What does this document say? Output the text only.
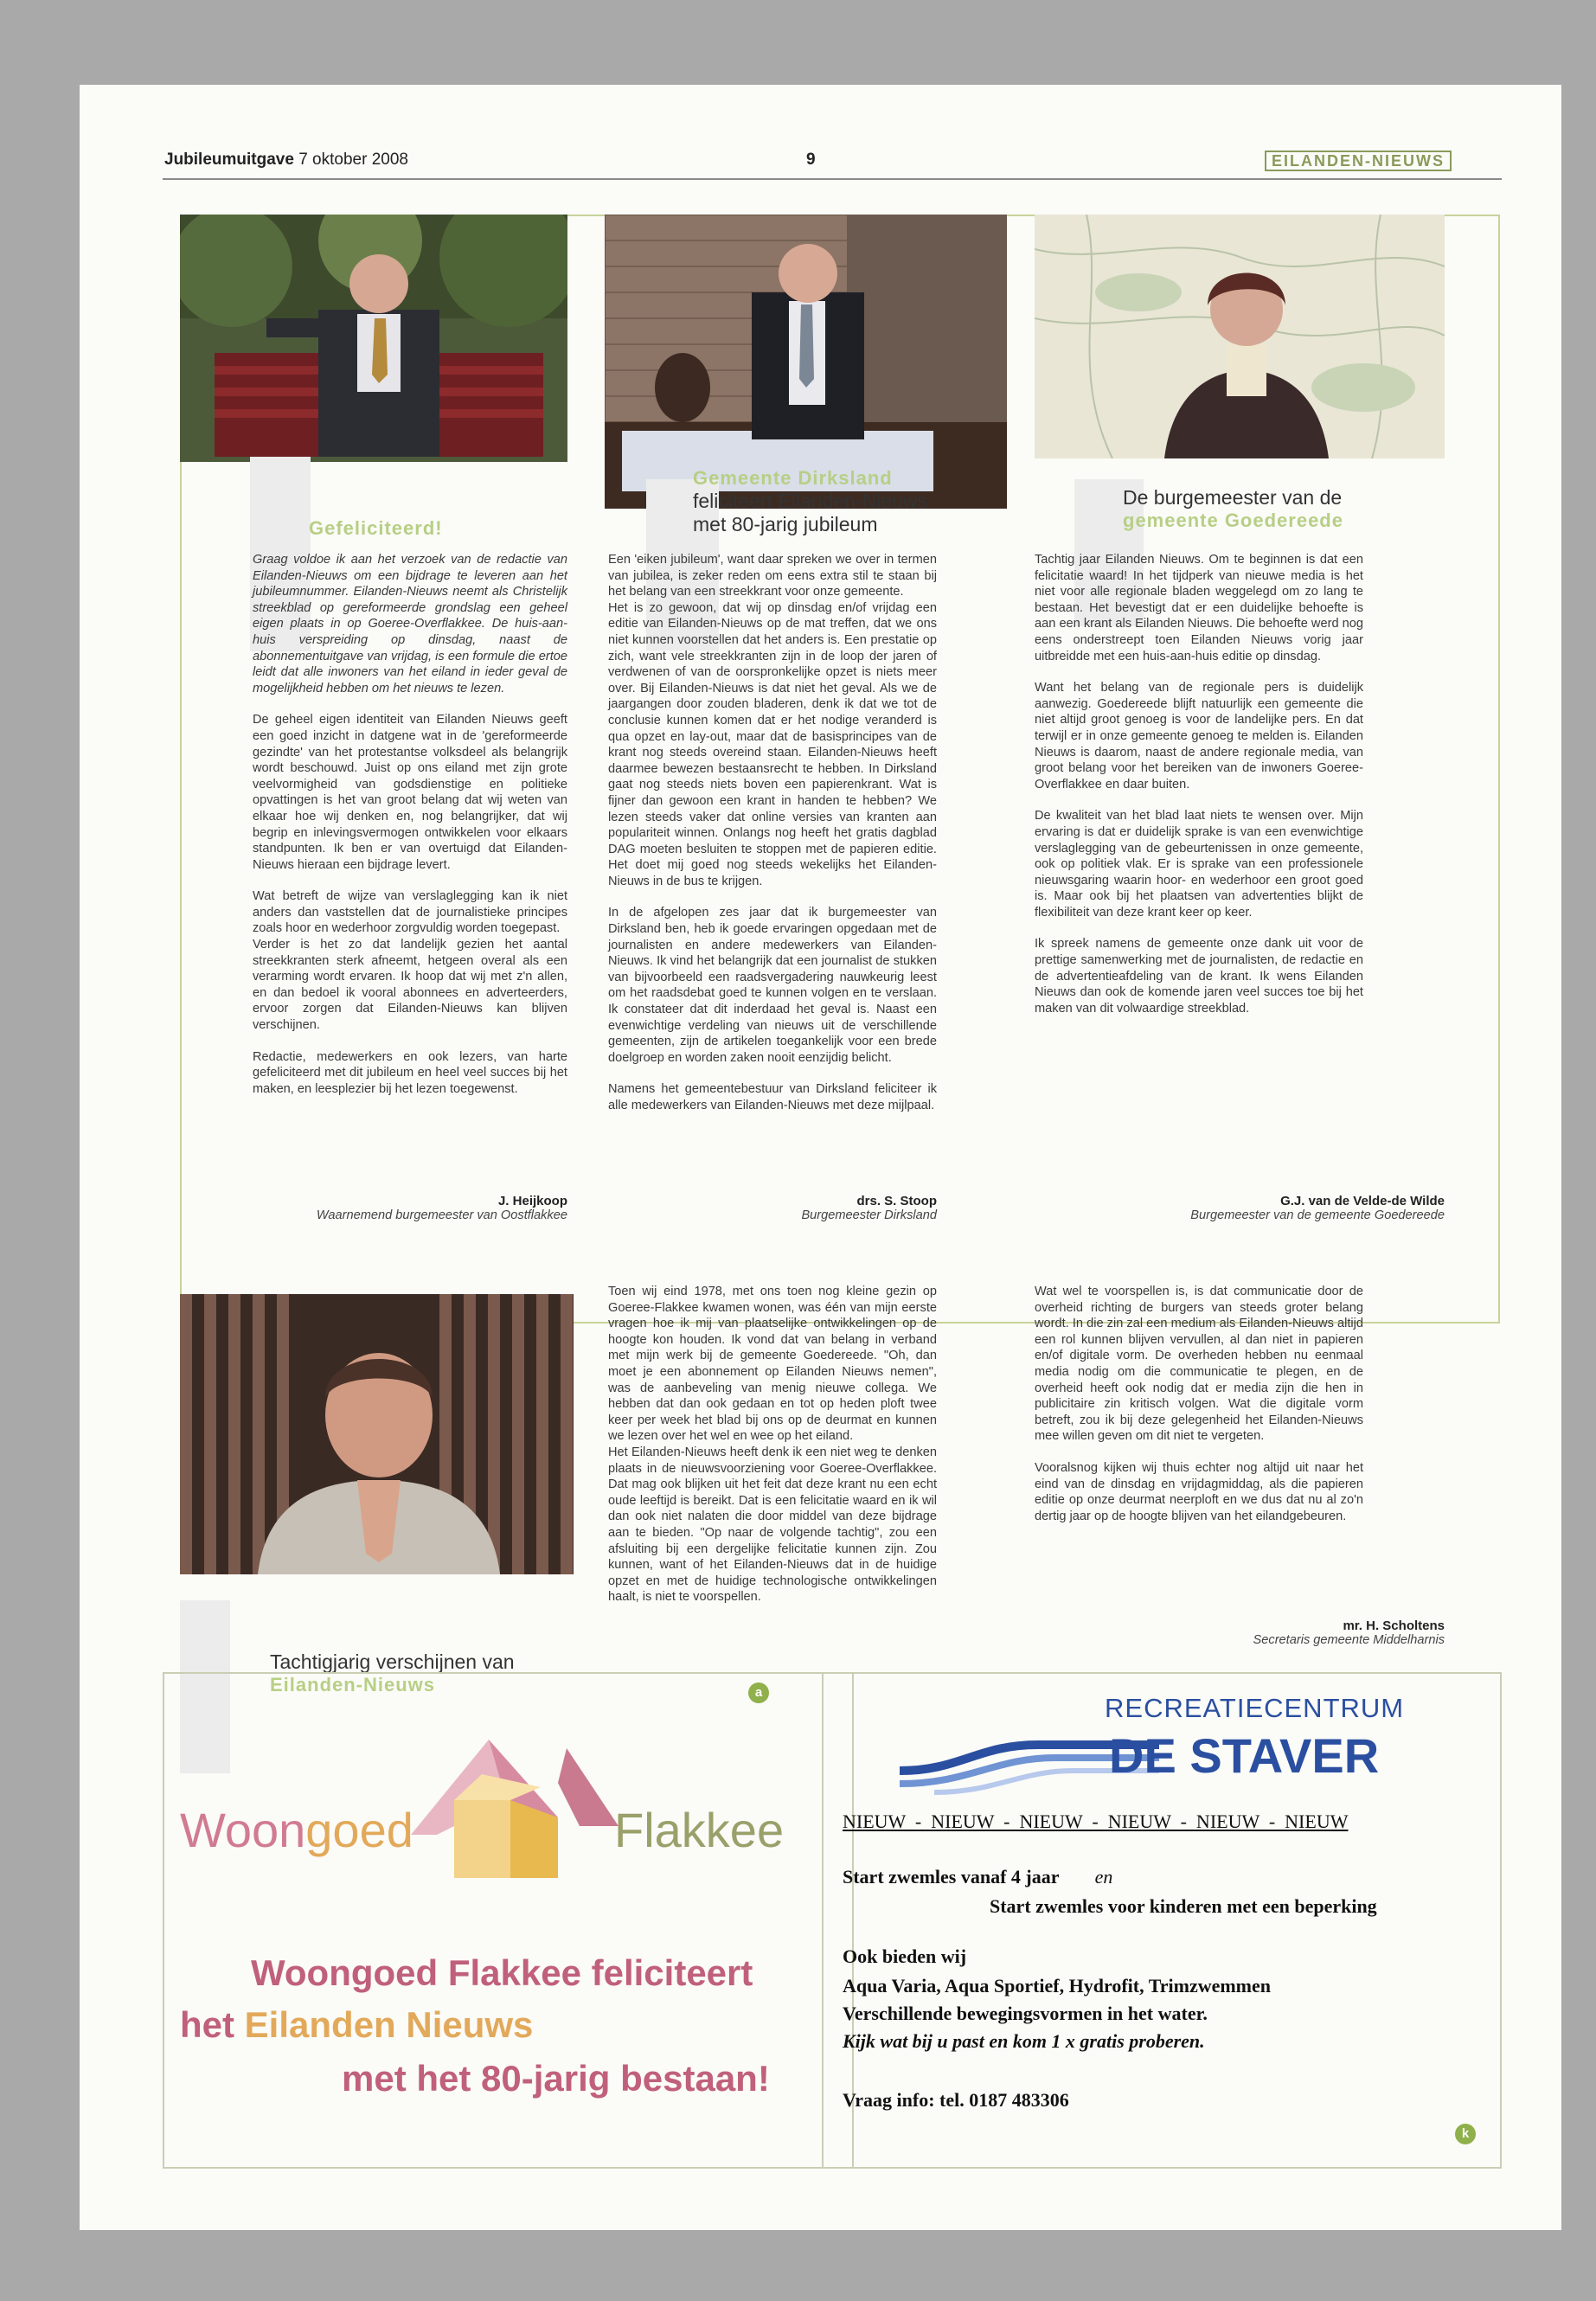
Jubileumuitgave 7 oktober 2008	9	EILANDEN-NIEUWS
Gefeliciteerd!
Gemeente Dirksland
feliciteert Eilanden-Nieuws
met 80-jarig jubileum
De burgemeester van de
gemeente Goedereede

Graag voldoe ik aan het verzoek van de redactie van Eilanden-Nieuws om een bijdrage te leveren aan het jubileumnummer. Eilanden-Nieuws neemt als Christelijk streekblad op gereformeerde grondslag een geheel eigen plaats in op Goeree-Overflakkee. De huis-aan-huis verspreiding op dinsdag, naast de abonnementuitgave van vrijdag, is een formule die ertoe leidt dat alle inwoners van het eiland in ieder geval de mogelijkheid hebben om het nieuws te lezen.

De geheel eigen identiteit van Eilanden Nieuws geeft een goed inzicht in datgene wat in de 'gereformeerde gezindte' van het protestantse volksdeel als belangrijk wordt beschouwd. Juist op ons eiland met zijn grote veelvormigheid van godsdienstige en politieke opvattingen is het van groot belang dat wij weten van elkaar hoe wij denken en, nog belangrijker, dat wij begrip en inlevingsvermogen ontwikkelen voor elkaars standpunten. Ik ben er van overtuigd dat Eilanden-Nieuws hieraan een bijdrage levert.

Wat betreft de wijze van verslaglegging kan ik niet anders dan vaststellen dat de journalistieke principes zoals hoor en wederhoor zorgvuldig worden toegepast.

Verder is het zo dat landelijk gezien het aantal streekkranten sterk afneemt, hetgeen overal als een verarming wordt ervaren. Ik hoop dat wij met z'n allen, en dan bedoel ik vooral abonnees en adverteerders, ervoor zorgen dat Eilanden-Nieuws kan blijven verschijnen.

Redactie, medewerkers en ook lezers, van harte gefeliciteerd met dit jubileum en heel veel succes bij het maken, en leesplezier bij het lezen toegewenst.

J. Heijkoop
Waarnemend burgemeester van Oostflakkee

Een 'eiken jubileum', want daar spreken we over in termen van jubilea, is zeker reden om eens extra stil te staan bij het belang van een streekkrant voor onze gemeente.

Het is zo gewoon, dat wij op dinsdag en/of vrijdag een editie van Eilanden-Nieuws op de mat treffen, dat we ons niet kunnen voorstellen dat het anders is. Een prestatie op zich, want vele streekkranten zijn in de loop der jaren of verdwenen of van de oorspronkelijke opzet is niets meer over. Bij Eilanden-Nieuws is dat niet het geval. Als we de jaargangen door zouden bladeren, denk ik dat we tot de conclusie kunnen komen dat er het nodige veranderd is qua opzet en lay-out, maar dat de basisprincipes van de krant nog steeds overeind staan. Eilanden-Nieuws heeft daarmee bewezen bestaansrecht te hebben. In Dirksland gaat nog steeds niets boven een papierenkrant. Wat is fijner dan gewoon een krant in handen te hebben? We lezen steeds vaker dat online versies van kranten aan populariteit winnen. Onlangs nog heeft het gratis dagblad DAG moeten besluiten te stoppen met de papieren editie. Het doet mij goed nog steeds wekelijks het Eilanden-Nieuws in de bus te krijgen.

In de afgelopen zes jaar dat ik burgemeester van Dirksland ben, heb ik goede ervaringen opgedaan met de journalisten en andere medewerkers van Eilanden-Nieuws. Ik vind het belangrijk dat een journalist de stukken van bijvoorbeeld een raadsvergadering nauwkeurig leest om het raadsdebat goed te kunnen volgen en te verslaan. Ik constateer dat dit inderdaad het geval is. Naast een evenwichtige verdeling van nieuws uit de verschillende gemeenten, zijn de artikelen toegankelijk voor een brede doelgroep en worden zaken nooit eenzijdig belicht.

Namens het gemeentebestuur van Dirksland feliciteer ik alle medewerkers van Eilanden-Nieuws met deze mijlpaal.

drs. S. Stoop
Burgemeester Dirksland

Tachtig jaar Eilanden Nieuws. Om te beginnen is dat een felicitatie waard! In het tijdperk van nieuwe media is het niet voor alle regionale bladen weggelegd om zo lang te bestaan. Het bevestigt dat er een duidelijke behoefte is aan een krant als Eilanden Nieuws. Die behoefte werd nog eens onderstreept toen Eilanden Nieuws vorig jaar uitbreidde met een huis-aan-huis editie op dinsdag.

Want het belang van de regionale pers is duidelijk aanwezig. Goedereede blijft natuurlijk een gemeente die niet altijd groot genoeg is voor de landelijke pers. En dat terwijl er in onze gemeente genoeg te melden is. Eilanden Nieuws is daarom, naast de andere regionale media, van groot belang voor het bereiken van de inwoners Goeree-Overflakkee en daar buiten.

De kwaliteit van het blad laat niets te wensen over. Mijn ervaring is dat er duidelijk sprake is van een evenwichtige verslaglegging van de gebeurtenissen in onze gemeente, ook op politiek vlak. Er is sprake van een professionele nieuwsgaring waarin hoor- en wederhoor een groot goed is. Maar ook bij het plaatsen van advertenties blijkt de flexibiliteit van deze krant keer op keer.

Ik spreek namens de gemeente onze dank uit voor de prettige samenwerking met de journalisten, de redactie en de advertentieafdeling van de krant. Ik wens Eilanden Nieuws dan ook de komende jaren veel succes toe bij het maken van dit volwaardige streekblad.

G.J. van de Velde-de Wilde
Burgemeester van de gemeente Goedereede
Tachtigjarig verschijnen van
Eilanden-Nieuws

Toen wij eind 1978, met ons toen nog kleine gezin op Goeree-Flakkee kwamen wonen, was één van mijn eerste vragen hoe ik mij van plaatselijke ontwikkelingen op de hoogte kon houden. Ik vond dat van belang in verband met mijn werk bij de gemeente Goedereede. "Oh, dan moet je een abonnement op Eilanden Nieuws nemen", was de aanbeveling van menig nieuwe collega. We hebben dat dan ook gedaan en tot op heden ploft twee keer per week het blad bij ons op de deurmat en kunnen we lezen over het wel en wee op het eiland.

Het Eilanden-Nieuws heeft denk ik een niet weg te denken plaats in de nieuwsvoorziening voor Goeree-Overflakkee. Dat mag ook blijken uit het feit dat deze krant nu een echt oude leeftijd is bereikt. Dat is een felicitatie waard en ik wil dan ook niet nalaten die door middel van deze bijdrage aan te bieden. "Op naar de volgende tachtig", zou een afsluiting bij een dergelijke felicitatie kunnen zijn. Zou kunnen, want of het Eilanden-Nieuws dat in de huidige opzet en met de huidige technologische ontwikkelingen haalt, is niet te voorspellen.

Wat wel te voorspellen is, is dat communicatie door de overheid richting de burgers van steeds groter belang wordt. In die zin zal een medium als Eilanden-Nieuws altijd een rol kunnen blijven vervullen, al dan niet in papieren en/of digitale vorm. De overheden hebben nu eenmaal media nodig om die communicatie te plegen, en de overheid heeft ook nodig dat er media zijn die hen in publicitaire zin kritisch volgen. Wat die digitale vorm betreft, zou ik bij deze gelegenheid het Eilanden-Nieuws mee willen geven om dit niet te vergeten.

Vooralsnog kijken wij thuis echter nog altijd uit naar het eind van de dinsdag en vrijdagmiddag, als die papieren editie op onze deurmat neerploft en we dus dat nu al zo'n dertig jaar op de hoogte blijven van het eilandgebeuren.

mr. H. Scholtens
Secretaris gemeente Middelharnis
a
Woongoed	Flakkee
Woongoed Flakkee feliciteert
het Eilanden Nieuws
met het 80-jarig bestaan!
RECREATIECENTRUM
DE STAVER
NIEUW  -  NIEUW  -  NIEUW  -  NIEUW  -  NIEUW  -  NIEUW
Start zwemles vanaf 4 jaar en
Start zwemles voor kinderen met een beperking
Ook bieden wij
Aqua Varia, Aqua Sportief, Hydrofit, Trimzwemmen
Verschillende bewegingsvormen in het water.
Kijk wat bij u past en kom 1 x gratis proberen.
Vraag info: tel. 0187 483306
k
